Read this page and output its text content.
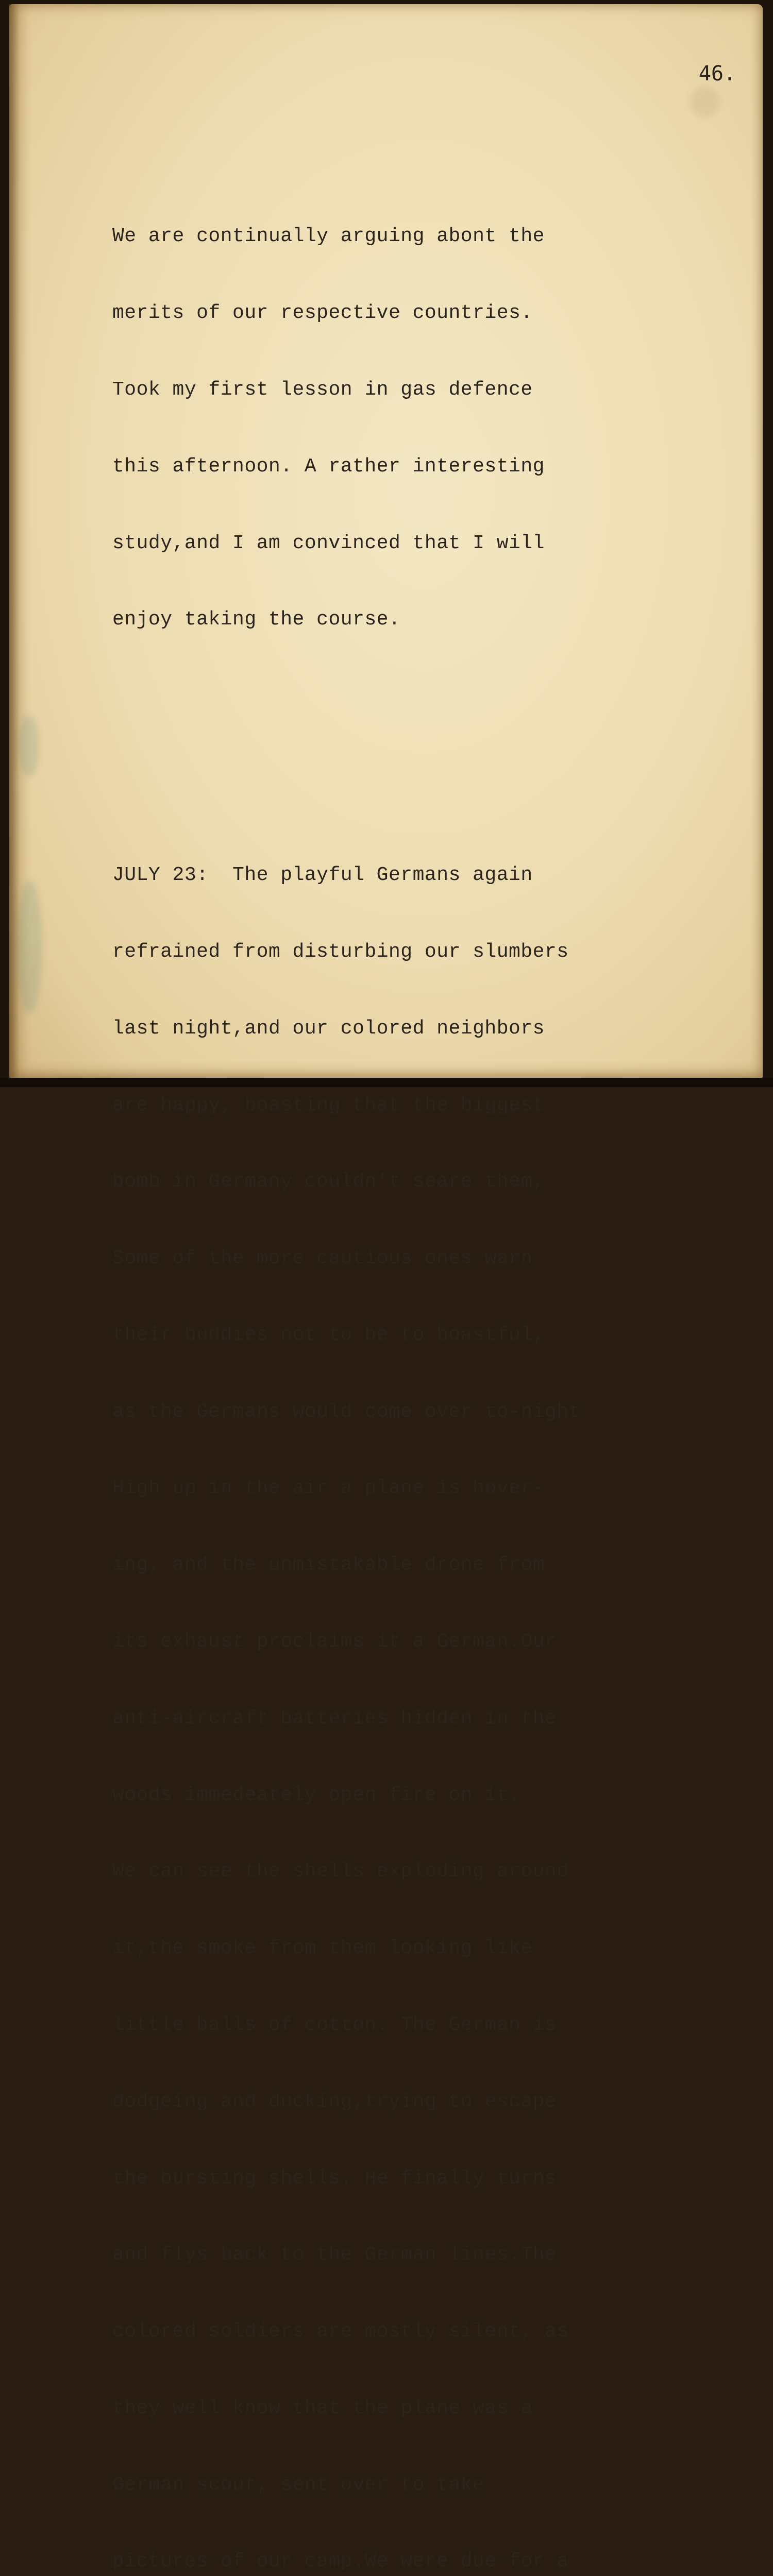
46.

We are continually arguing abont the

merits of our respective countries.

Took my first lesson in gas defence

this afternoon. A rather interesting

study,and I am convinced that I will

enjoy taking the course.

JULY 23:  The playful Germans again

refrained from disturbing our slumbers

last night,and our colored neighbors

are happy, boasting that the biggest

bomb in Germany couldn't seare them,

Some of the more cautious ones warn

their buddies not to be to boastful,

as the Germans would come over to-night

High up in the air a plane is hover-

ing, and the unmistakable drone from

its exhaust proclaims it a German.Our

anti-aircraft batteries hidden in the

woods immedeately open fire on it.

We can see the shells exploding around

it,the smoke from them looking like

little balls of cotton. The German is

dodgeing and ducking,trying to escape

the bursting shells. He finally turns

and flys back to the German lines.The

colored soldiers are mostly silent, as

they well know that the plane was a

German scout, sent over to take

pictures of our camp.We were due for a
